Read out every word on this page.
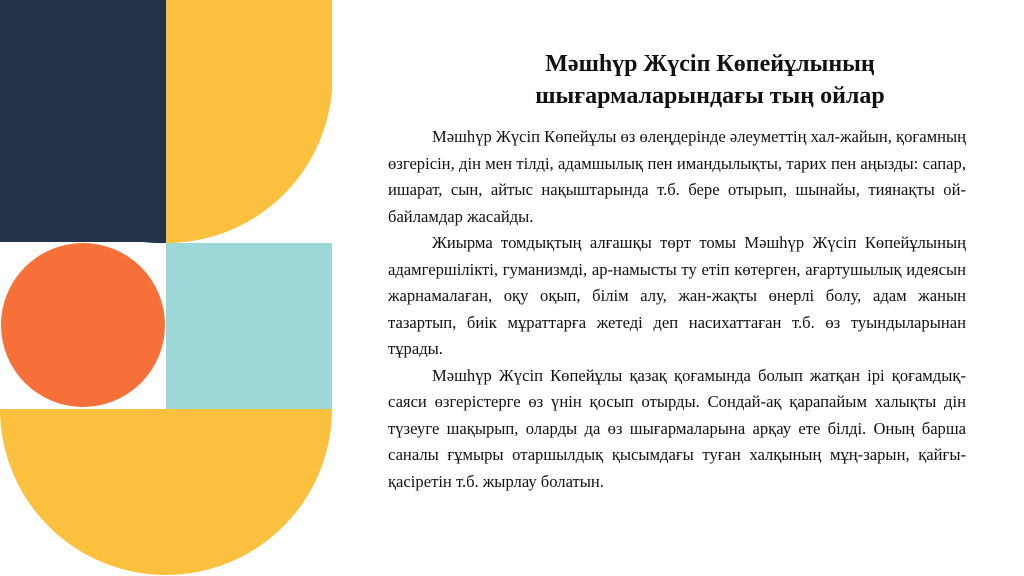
Мәшһүр Жүсіп Көпейұлының
шығармаларындағы тың ойлар

Мәшһүр Жүсіп Көпейұлы өз өлеңдерінде әлеуметтің хал-жайын, қоғамның өзгерісін, дін мен тілді, адамшылық пен имандылықты, тарих пен аңызды: сапар, ишарат, сын, айтыс нақыштарында т.б. бере отырып, шынайы, тиянақты ой-байламдар жасайды.

Жиырма томдықтың алғашқы төрт томы Мәшһүр Жүсіп Көпейұлының адамгершілікті, гуманизмді, ар-намысты ту етіп көтерген, ағартушылық идеясын жарнамалаған, оқу оқып, білім алу, жан-жақты өнерлі болу, адам жанын тазартып, биік мұраттарға жетеді деп насихаттаған т.б. өз туындыларынан тұрады.

Мәшһүр Жүсіп Көпейұлы қазақ қоғамында болып жатқан ірі қоғамдық-саяси өзгерістерге өз үнін қосып отырды. Сондай-ақ қарапайым халықты дін түзеуге шақырып, оларды да өз шығармаларына арқау ете білді. Оның барша саналы ғұмыры отаршылдық қысымдағы туған халқының мұң-зарын, қайғы-қасіретін т.б. жырлау болатын.
